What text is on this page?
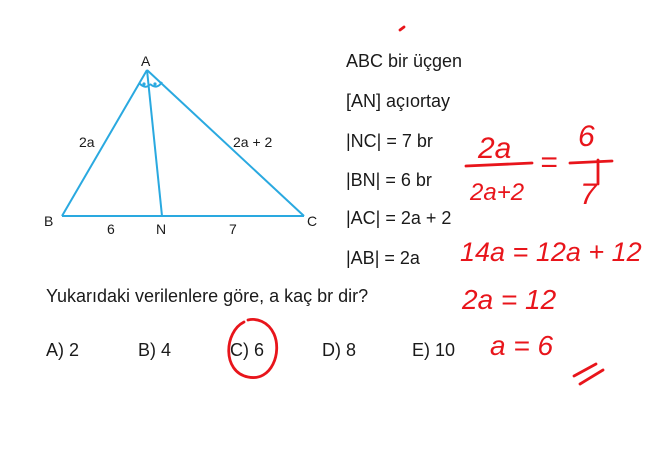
A
B	C
N
2a	2a + 2
6	7
ABC bir üçgen
[AN] açıortay
|NC| = 7 br
|BN| = 6 br
|AC| = 2a + 2
|AB| = 2a
Yukarıdaki verilenlere göre, a kaç br dir?
A) 2	B) 4	C) 6	D) 8	E) 10
2a
2a+2
=
6
7
14a = 12a + 12
2a = 12
a = 6
